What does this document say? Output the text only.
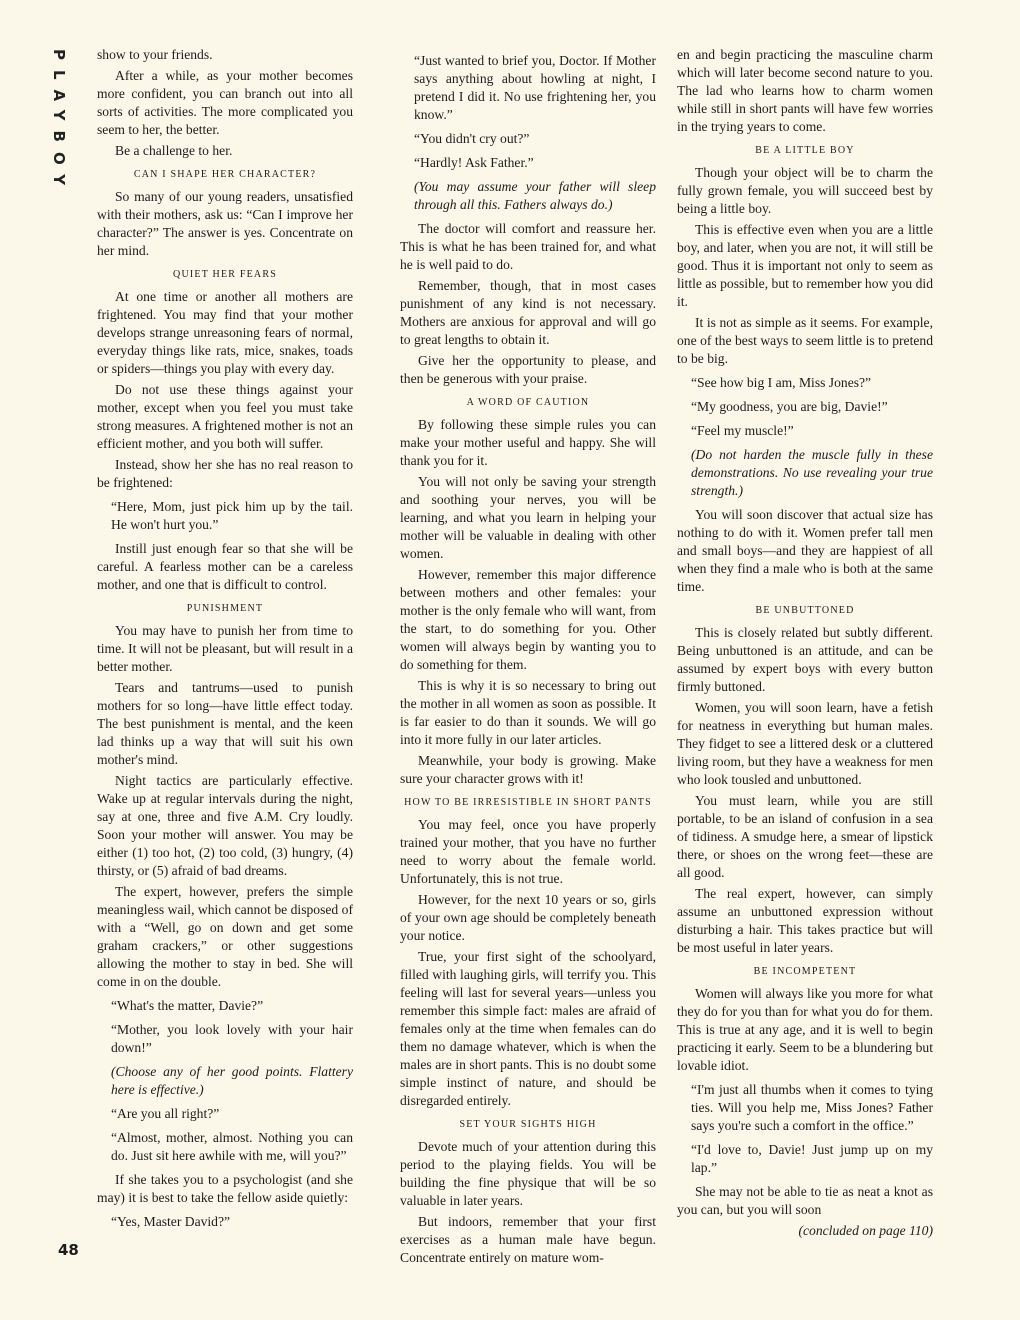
PLAYBOY show to your friends.

After a while, as your mother becomes more confident, you can branch out into all sorts of activities. The more complicated you seem to her, the better.

Be a challenge to her.

CAN I SHAPE HER CHARACTER?

So many of our young readers, unsatisfied with their mothers, ask us: “Can I improve her character?” The answer is yes. Concentrate on her mind.

QUIET HER FEARS

At one time or another all mothers are frightened. You may find that your mother develops strange unreasoning fears of normal, everyday things like rats, mice, snakes, toads or spiders—things you play with every day.

Do not use these things against your mother, except when you feel you must take strong measures. A frightened mother is not an efficient mother, and you both will suffer.

Instead, show her she has no real reason to be frightened:

“Here, Mom, just pick him up by the tail. He won't hurt you.”

Instill just enough fear so that she will be careful. A fearless mother can be a careless mother, and one that is difficult to control.

PUNISHMENT

You may have to punish her from time to time. It will not be pleasant, but will result in a better mother.

Tears and tantrums—used to punish mothers for so long—have little effect today. The best punishment is mental, and the keen lad thinks up a way that will suit his own mother's mind.

Night tactics are particularly effective. Wake up at regular intervals during the night, say at one, three and five A.M. Cry loudly. Soon your mother will answer. You may be either (1) too hot, (2) too cold, (3) hungry, (4) thirsty, or (5) afraid of bad dreams.

The expert, however, prefers the simple meaningless wail, which cannot be disposed of with a “Well, go on down and get some graham crackers,” or other suggestions allowing the mother to stay in bed. She will come in on the double.

“What's the matter, Davie?”

“Mother, you look lovely with your hair down!”

(Choose any of her good points. Flattery here is effective.)

“Are you all right?”

“Almost, mother, almost. Nothing you can do. Just sit here awhile with me, will you?”

If she takes you to a psychologist (and she may) it is best to take the fellow aside quietly:

“Yes, Master David?”

“Just wanted to brief you, Doctor. If Mother says anything about howling at night, I pretend I did it. No use frightening her, you know.”

“You didn't cry out?”

“Hardly! Ask Father.”

(You may assume your father will sleep through all this. Fathers always do.)

The doctor will comfort and reassure her. This is what he has been trained for, and what he is well paid to do.

Remember, though, that in most cases punishment of any kind is not necessary. Mothers are anxious for approval and will go to great lengths to obtain it.

Give her the opportunity to please, and then be generous with your praise.

A WORD OF CAUTION

By following these simple rules you can make your mother useful and happy. She will thank you for it.

You will not only be saving your strength and soothing your nerves, you will be learning, and what you learn in helping your mother will be valuable in dealing with other women.

However, remember this major difference between mothers and other females: your mother is the only female who will want, from the start, to do something for you. Other women will always begin by wanting you to do something for them.

This is why it is so necessary to bring out the mother in all women as soon as possible. It is far easier to do than it sounds. We will go into it more fully in our later articles.

Meanwhile, your body is growing. Make sure your character grows with it!

HOW TO BE IRRESISTIBLE IN SHORT PANTS

You may feel, once you have properly trained your mother, that you have no further need to worry about the female world. Unfortunately, this is not true.

However, for the next 10 years or so, girls of your own age should be completely beneath your notice.

True, your first sight of the schoolyard, filled with laughing girls, will terrify you. This feeling will last for several years—unless you remember this simple fact: males are afraid of females only at the time when females can do them no damage whatever, which is when the males are in short pants. This is no doubt some simple instinct of nature, and should be disregarded entirely.

SET YOUR SIGHTS HIGH

Devote much of your attention during this period to the playing fields. You will be building the fine physique that will be so valuable in later years.

But indoors, remember that your first exercises as a human male have begun. Concentrate entirely on mature wom-

en and begin practicing the masculine charm which will later become second nature to you. The lad who learns how to charm women while still in short pants will have few worries in the trying years to come.

BE A LITTLE BOY

Though your object will be to charm the fully grown female, you will succeed best by being a little boy.

This is effective even when you are a little boy, and later, when you are not, it will still be good. Thus it is important not only to seem as little as possible, but to remember how you did it.

It is not as simple as it seems. For example, one of the best ways to seem little is to pretend to be big.

“See how big I am, Miss Jones?”

“My goodness, you are big, Davie!”

“Feel my muscle!”

(Do not harden the muscle fully in these demonstrations. No use revealing your true strength.)

You will soon discover that actual size has nothing to do with it. Women prefer tall men and small boys—and they are happiest of all when they find a male who is both at the same time.

BE UNBUTTONED

This is closely related but subtly different. Being unbuttoned is an attitude, and can be assumed by expert boys with every button firmly buttoned.

Women, you will soon learn, have a fetish for neatness in everything but human males. They fidget to see a littered desk or a cluttered living room, but they have a weakness for men who look tousled and unbuttoned.

You must learn, while you are still portable, to be an island of confusion in a sea of tidiness. A smudge here, a smear of lipstick there, or shoes on the wrong feet—these are all good.

The real expert, however, can simply assume an unbuttoned expression without disturbing a hair. This takes practice but will be most useful in later years.

BE INCOMPETENT

Women will always like you more for what they do for you than for what you do for them. This is true at any age, and it is well to begin practicing it early. Seem to be a blundering but lovable idiot.

“I'm just all thumbs when it comes to tying ties. Will you help me, Miss Jones? Father says you're such a comfort in the office.”

“I'd love to, Davie! Just jump up on my lap.”

She may not be able to tie as neat a knot as you can, but you will soon

(concluded on page 110)

48
